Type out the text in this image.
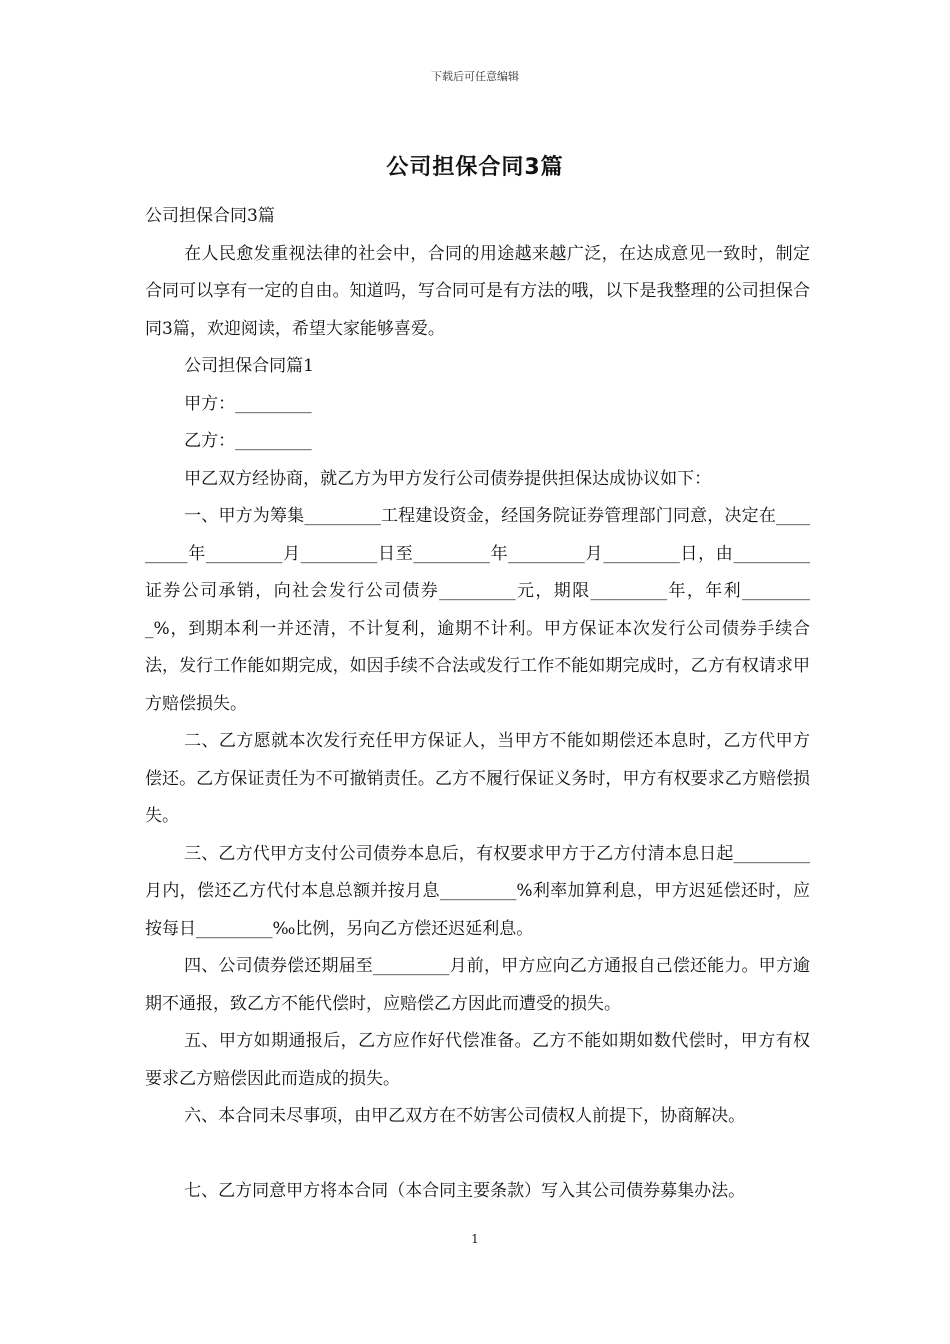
下载后可任意编辑
公司担保合同3篇

公司担保合同3篇

在人民愈发重视法律的社会中，合同的用途越来越广泛，在达成意见一致时，制定合同可以享有一定的自由。知道吗，写合同可是有方法的哦，以下是我整理的公司担保合同3篇，欢迎阅读，希望大家能够喜爱。

公司担保合同篇1

甲方：_________

乙方：_________

甲乙双方经协商，就乙方为甲方发行公司债券提供担保达成协议如下：

一、甲方为筹集_________工程建设资金，经国务院证券管理部门同意，决定在_________年_________月_________日至_________年_________月_________日，由_________证券公司承销，向社会发行公司债券_________元，期限_________年，年利_________%，到期本利一并还清，不计复利，逾期不计利。甲方保证本次发行公司债券手续合法，发行工作能如期完成，如因手续不合法或发行工作不能如期完成时，乙方有权请求甲方赔偿损失。

二、乙方愿就本次发行充任甲方保证人，当甲方不能如期偿还本息时，乙方代甲方偿还。乙方保证责任为不可撤销责任。乙方不履行保证义务时，甲方有权要求乙方赔偿损失。

三、乙方代甲方支付公司债券本息后，有权要求甲方于乙方付清本息日起_________月内，偿还乙方代付本息总额并按月息_________%利率加算利息，甲方迟延偿还时，应按每日_________‰比例，另向乙方偿还迟延利息。

四、公司债券偿还期届至_________月前，甲方应向乙方通报自己偿还能力。甲方逾期不通报，致乙方不能代偿时，应赔偿乙方因此而遭受的损失。

五、甲方如期通报后，乙方应作好代偿准备。乙方不能如期如数代偿时，甲方有权要求乙方赔偿因此而造成的损失。

六、本合同未尽事项，由甲乙双方在不妨害公司债权人前提下，协商解决。

七、乙方同意甲方将本合同（本合同主要条款）写入其公司债券募集办法。

1
